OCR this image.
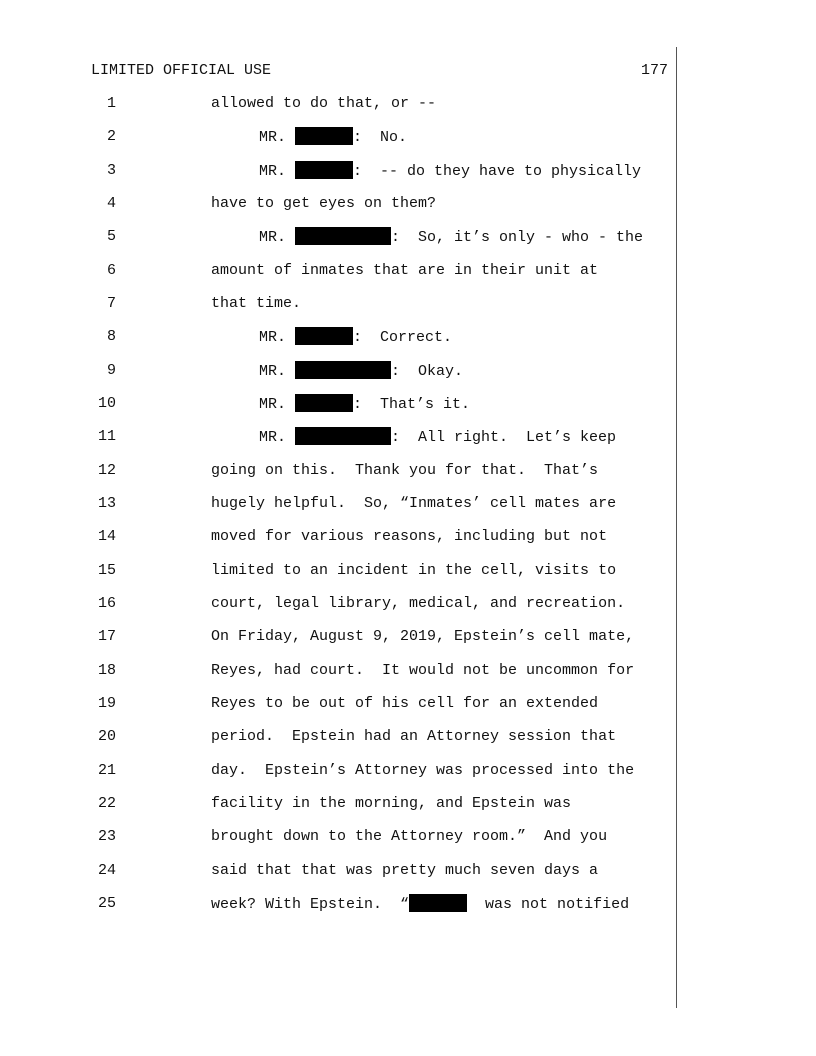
LIMITED OFFICIAL USE	177
1	allowed to do that, or --
2	MR.	:  No.
3	MR.	:  -- do they have to physically
4	have to get eyes on them?
5	MR.	:  So, it’s only - who - the
6	amount of inmates that are in their unit at
7	that time.
8	MR.	:  Correct.
9	MR.	:  Okay.
10	MR.	:  That’s it.
11	MR.	:  All right.  Let’s keep
12	going on this.  Thank you for that.  That’s
13	hugely helpful.  So, “Inmates’ cell mates are
14	moved for various reasons, including but not
15	limited to an incident in the cell, visits to
16	court, legal library, medical, and recreation.
17	On Friday, August 9, 2019, Epstein’s cell mate,
18	Reyes, had court.  It would not be uncommon for
19	Reyes to be out of his cell for an extended
20	period.  Epstein had an Attorney session that
21	day.  Epstein’s Attorney was processed into the
22	facility in the morning, and Epstein was
23	brought down to the Attorney room.”  And you
24	said that that was pretty much seven days a
25	week? With Epstein.  “	was not notified
